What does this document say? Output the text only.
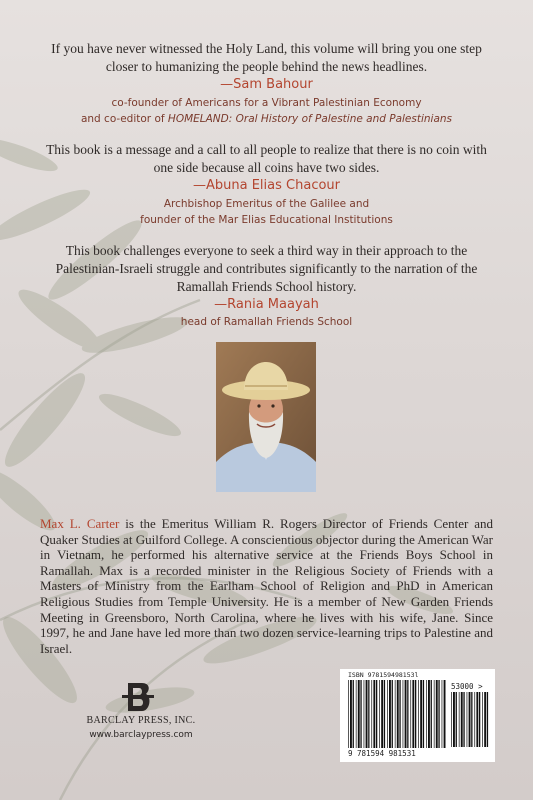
If you have never witnessed the Holy Land, this volume will bring you one step closer to humanizing the people behind the news headlines.
—Sam Bahour
co-founder of Americans for a Vibrant Palestinian Economy
and co-editor of HOMELAND: Oral History of Palestine and Palestinians
This book is a message and a call to all people to realize that there is no coin with one side because all coins have two sides.
—Abuna Elias Chacour
Archbishop Emeritus of the Galilee and
founder of the Mar Elias Educational Institutions
This book challenges everyone to seek a third way in their approach to the Palestinian-Israeli struggle and contributes significantly to the narration of the Ramallah Friends School history.
—Rania Maayah
head of Ramallah Friends School
Max L. Carter is the Emeritus William R. Rogers Director of Friends Center and Quaker Studies at Guilford College. A conscientious objector during the American War in Vietnam, he performed his alternative service at the Friends Boys School in Ramallah. Max is a recorded minister in the Religious Society of Friends with a Masters of Ministry from the Earlham School of Religion and PhD in American Religious Studies from Temple University. He is a member of New Garden Friends Meeting in Greensboro, North Carolina, where he lives with his wife, Jane. Since 1997, he and Jane have led more than two dozen service-learning trips to Palestine and Israel.
BARCLAY PRESS, INC.
www.barclaypress.com
ISBN 978159498153l
53000 >
9 781594 981531
